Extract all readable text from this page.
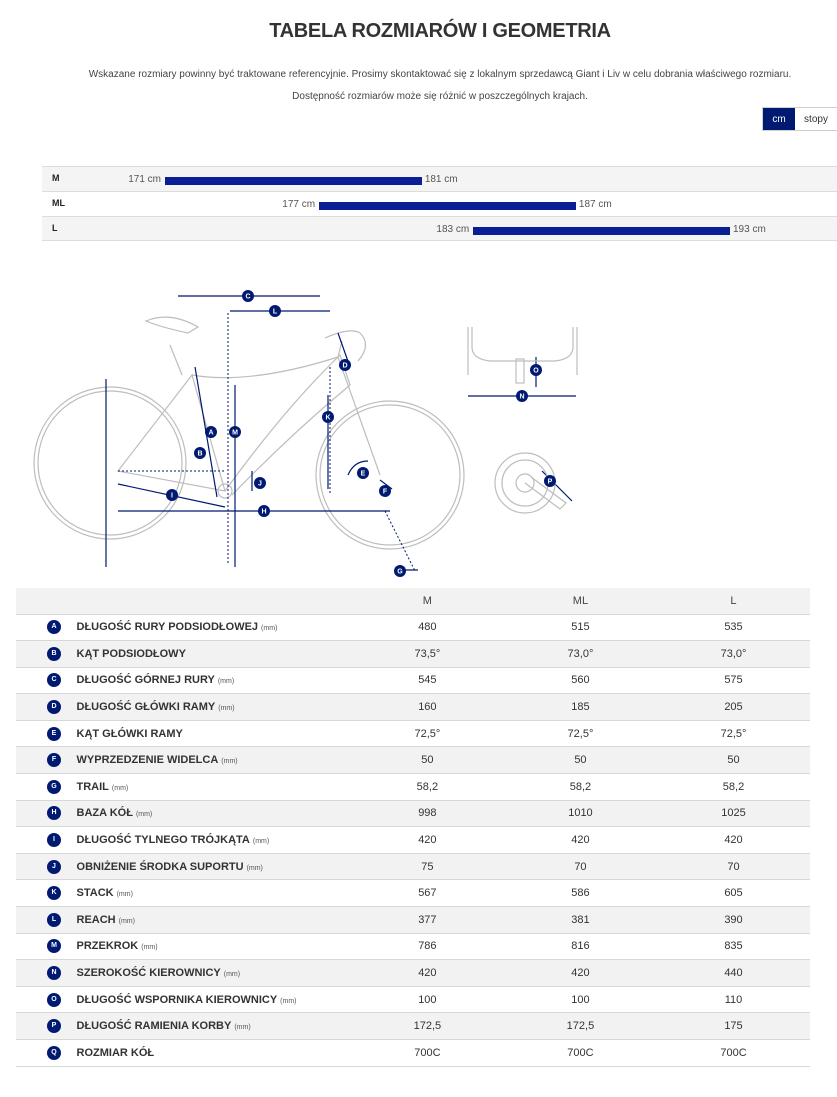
TABELA ROZMIARÓW I GEOMETRIA
Wskazane rozmiary powinny być traktowane referencyjnie. Prosimy skontaktować się z lokalnym sprzedawcą Giant i Liv w celu dobrania właściwego rozmiaru.
Dostępność rozmiarów może się różnić w poszczególnych krajach.
cm	stopy
M	171 cm	181 cm
ML	177 cm	187 cm
L	183 cm	193 cm
A
B
C
D
E
F
G
H
I
J
K
L
M
N
O
P
		M	ML	L
A	DŁUGOŚĆ RURY PODSIODŁOWEJ (mm)	480	515	535
B	KĄT PODSIODŁOWY	73,5°	73,0°	73,0°
C	DŁUGOŚĆ GÓRNEJ RURY (mm)	545	560	575
D	DŁUGOŚĆ GŁÓWKI RAMY (mm)	160	185	205
E	KĄT GŁÓWKI RAMY	72,5°	72,5°	72,5°
F	WYPRZEDZENIE WIDELCA (mm)	50	50	50
G	TRAIL (mm)	58,2	58,2	58,2
H	BAZA KÓŁ (mm)	998	1010	1025
I	DŁUGOŚĆ TYLNEGO TRÓJKĄTA (mm)	420	420	420
J	OBNIŻENIE ŚRODKA SUPORTU (mm)	75	70	70
K	STACK (mm)	567	586	605
L	REACH (mm)	377	381	390
M	PRZEKROK (mm)	786	816	835
N	SZEROKOŚĆ KIEROWNICY (mm)	420	420	440
O	DŁUGOŚĆ WSPORNIKA KIEROWNICY (mm)	100	100	110
P	DŁUGOŚĆ RAMIENIA KORBY (mm)	172,5	172,5	175
Q	ROZMIAR KÓŁ	700C	700C	700C
